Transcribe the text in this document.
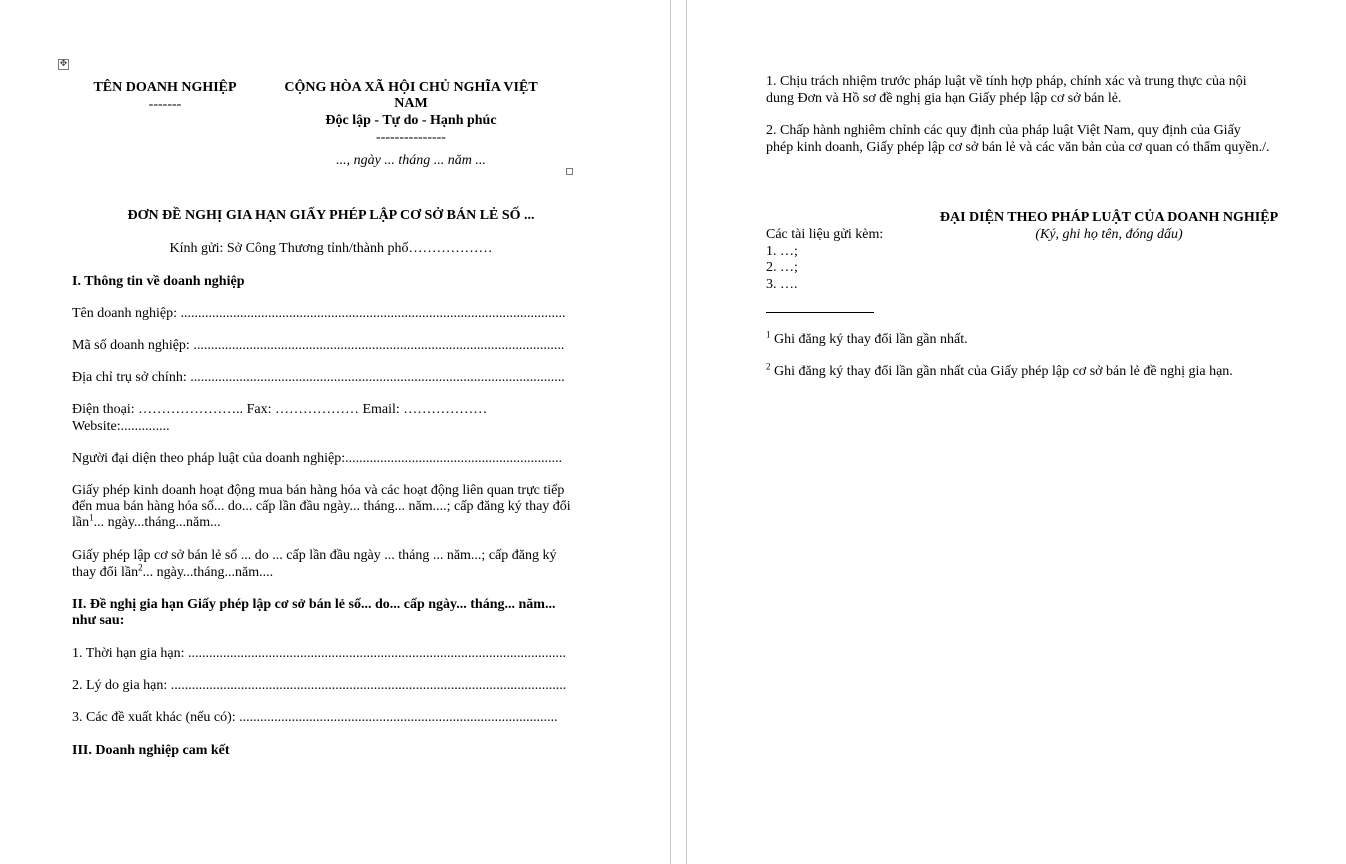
✥
TÊN DOANH NGHIỆP
-------
CỘNG HÒA XÃ HỘI CHỦ NGHĨA VIỆT
NAM
Độc lập - Tự do - Hạnh phúc
---------------
..., ngày ... tháng ... năm ...
ĐƠN ĐỀ NGHỊ GIA HẠN GIẤY PHÉP LẬP CƠ SỞ BÁN LẺ SỐ ...
Kính gửi: Sở Công Thương tỉnh/thành phố………………
I. Thông tin về doanh nghiệp
Tên doanh nghiệp: ..............................................................................................................
Mã số doanh nghiệp: ..........................................................................................................
Địa chỉ trụ sở chính: ...........................................................................................................
Điện thoại: ………………….. Fax: ……………… Email: ………………
Website:..............
Người đại diện theo pháp luật của doanh nghiệp:..............................................................
Giấy phép kinh doanh hoạt động mua bán hàng hóa và các hoạt động liên quan trực tiếp
đến mua bán hàng hóa số... do... cấp lần đầu ngày... tháng... năm....; cấp đăng ký thay đổi
lần$^1$... ngày...tháng...năm...
Giấy phép lập cơ sở bán lẻ số ... do ... cấp lần đầu ngày ... tháng ... năm...; cấp đăng ký
thay đổi lần$^2$... ngày...tháng...năm....
II. Đề nghị gia hạn Giấy phép lập cơ sở bán lẻ số... do... cấp ngày... tháng... năm...
như sau:
1. Thời hạn gia hạn: ............................................................................................................
2. Lý do gia hạn: .................................................................................................................
3. Các đề xuất khác (nếu có): ...........................................................................................
III. Doanh nghiệp cam kết
1. Chịu trách nhiệm trước pháp luật về tính hợp pháp, chính xác và trung thực của nội
dung Đơn và Hồ sơ đề nghị gia hạn Giấy phép lập cơ sở bán lẻ.
2. Chấp hành nghiêm chỉnh các quy định của pháp luật Việt Nam, quy định của Giấy
phép kinh doanh, Giấy phép lập cơ sở bán lẻ và các văn bản của cơ quan có thẩm quyền./.
ĐẠI DIỆN THEO PHÁP LUẬT CỦA DOANH NGHIỆP
(Ký, ghi họ tên, đóng dấu)
Các tài liệu gửi kèm:
1. …;
2. …;
3. ….
$^1$ Ghi đăng ký thay đổi lần gần nhất.
$^2$ Ghi đăng ký thay đổi lần gần nhất của Giấy phép lập cơ sở bán lẻ đề nghị gia hạn.
